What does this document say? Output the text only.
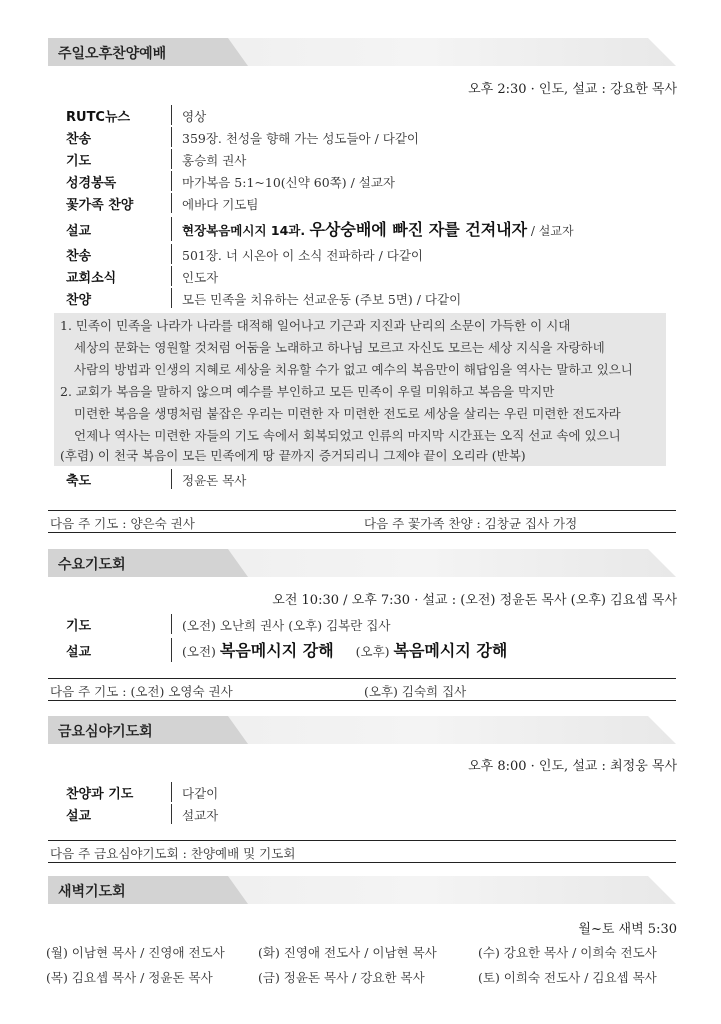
주일오후찬양예배
오후 2:30 · 인도, 설교 : 강요한 목사
RUTC뉴스	영상
찬송	359장. 천성을 향해 가는 성도들아 / 다같이
기도	홍승희 권사
성경봉독	마가복음 5:1~10(신약 60쪽) / 설교자
꽃가족 찬양	에바다 기도팀
설교	현장복음메시지 14과. 우상숭배에 빠진 자를 건져내자 / 설교자
찬송	501장. 너 시온아 이 소식 전파하라 / 다같이
교회소식	인도자
찬양	모든 민족을 치유하는 선교운동 (주보 5면) / 다같이
1. 민족이 민족을 나라가 나라를 대적해 일어나고 기근과 지진과 난리의 소문이 가득한 이 시대
세상의 문화는 영원할 것처럼 어둠을 노래하고 하나님 모르고 자신도 모르는 세상 지식을 자랑하네
사람의 방법과 인생의 지혜로 세상을 치유할 수가 없고 예수의 복음만이 해답임을 역사는 말하고 있으니
2. 교회가 복음을 말하지 않으며 예수를 부인하고 모든 민족이 우릴 미워하고 복음을 막지만
미련한 복음을 생명처럼 붙잡은 우리는 미련한 자 미련한 전도로 세상을 살리는 우린 미련한 전도자라
언제나 역사는 미련한 자들의 기도 속에서 회복되었고 인류의 마지막 시간표는 오직 선교 속에 있으니
(후렴) 이 천국 복음이 모든 민족에게 땅 끝까지 증거되리니 그제야 끝이 오리라 (반복)
축도	정윤돈 목사
다음 주 기도 : 양은숙 권사	다음 주 꽃가족 찬양 : 김창균 집사 가정
수요기도회
오전 10:30 / 오후 7:30 · 설교 : (오전) 정윤돈 목사 (오후) 김요셉 목사
기도	(오전) 오난희 권사 (오후) 김복란 집사
설교	(오전) 복음메시지 강해 (오후) 복음메시지 강해
다음 주 기도 : (오전) 오영숙 권사	(오후) 김숙희 집사
금요심야기도회
오후 8:00 · 인도, 설교 : 최정웅 목사
찬양과 기도	다같이
설교	설교자
다음 주 금요심야기도회 : 찬양예배 및 기도회
새벽기도회
월~토 새벽 5:30
(월) 이남현 목사 / 진영애 전도사	(화) 진영애 전도사 / 이남현 목사	(수) 강요한 목사 / 이희숙 전도사
(목) 김요셉 목사 / 정윤돈 목사	(금) 정윤돈 목사 / 강요한 목사	(토) 이희숙 전도사 / 김요셉 목사
